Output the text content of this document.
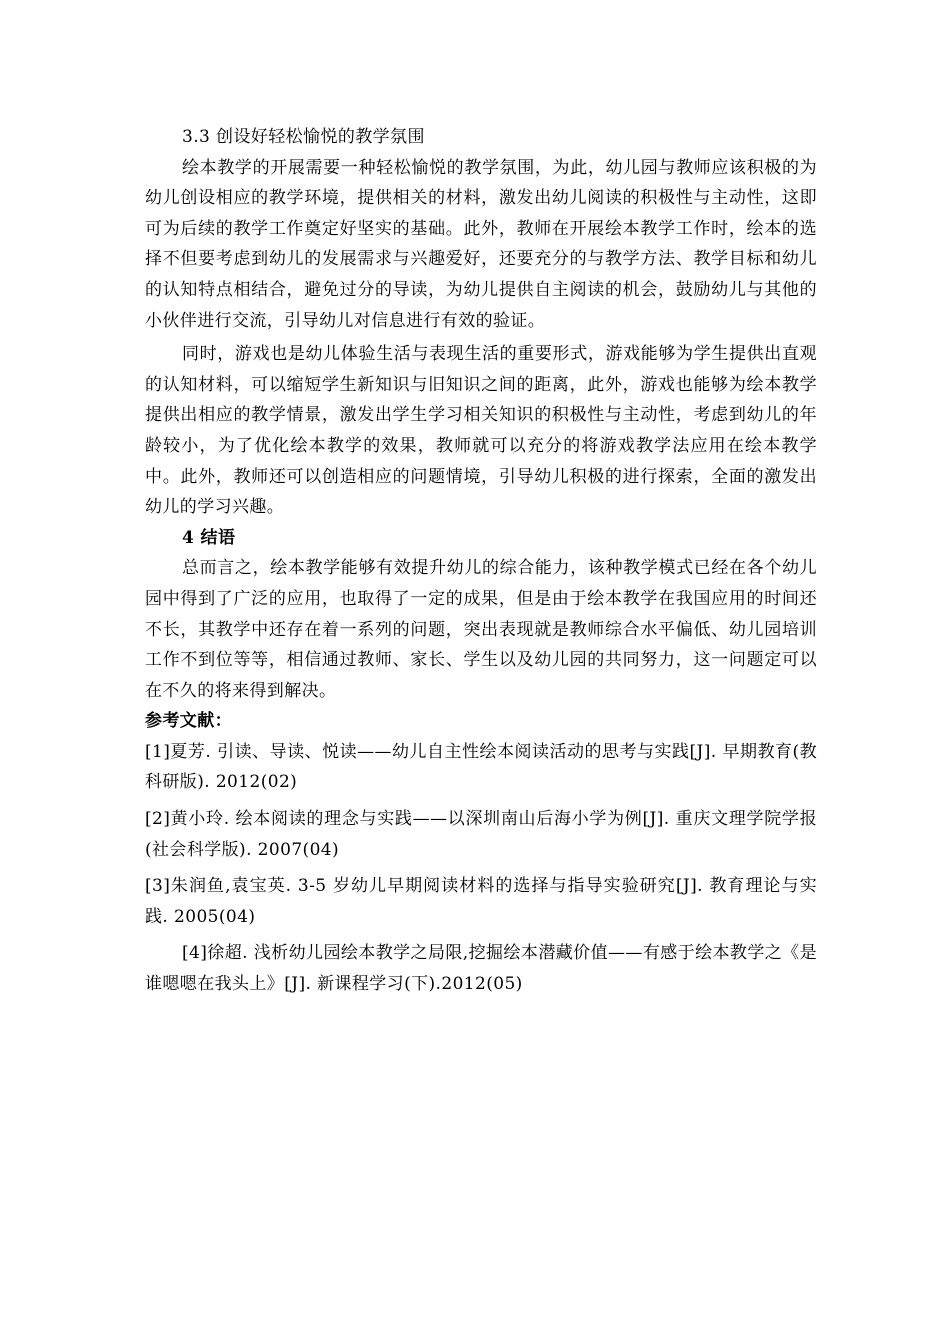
3.3 创设好轻松愉悦的教学氛围

绘本教学的开展需要一种轻松愉悦的教学氛围，为此，幼儿园与教师应该积极的为幼儿创设相应的教学环境，提供相关的材料，激发出幼儿阅读的积极性与主动性，这即可为后续的教学工作奠定好坚实的基础。此外，教师在开展绘本教学工作时，绘本的选择不但要考虑到幼儿的发展需求与兴趣爱好，还要充分的与教学方法、教学目标和幼儿的认知特点相结合，避免过分的导读，为幼儿提供自主阅读的机会，鼓励幼儿与其他的小伙伴进行交流，引导幼儿对信息进行有效的验证。

同时，游戏也是幼儿体验生活与表现生活的重要形式，游戏能够为学生提供出直观的认知材料，可以缩短学生新知识与旧知识之间的距离，此外，游戏也能够为绘本教学提供出相应的教学情景，激发出学生学习相关知识的积极性与主动性，考虑到幼儿的年龄较小，为了优化绘本教学的效果，教师就可以充分的将游戏教学法应用在绘本教学中。此外，教师还可以创造相应的问题情境，引导幼儿积极的进行探索，全面的激发出幼儿的学习兴趣。

4 结语

总而言之，绘本教学能够有效提升幼儿的综合能力，该种教学模式已经在各个幼儿园中得到了广泛的应用，也取得了一定的成果，但是由于绘本教学在我国应用的时间还不长，其教学中还存在着一系列的问题，突出表现就是教师综合水平偏低、幼儿园培训工作不到位等等，相信通过教师、家长、学生以及幼儿园的共同努力，这一问题定可以在不久的将来得到解决。

参考文献：

[1]夏芳. 引读、导读、悦读——幼儿自主性绘本阅读活动的思考与实践[J]. 早期教育(教科研版). 2012(02)

[2]黄小玲. 绘本阅读的理念与实践——以深圳南山后海小学为例[J]. 重庆文理学院学报(社会科学版). 2007(04)

[3]朱润鱼,袁宝英. 3-5 岁幼儿早期阅读材料的选择与指导实验研究[J]. 教育理论与实践. 2005(04)

[4]徐超. 浅析幼儿园绘本教学之局限,挖掘绘本潜藏价值——有感于绘本教学之《是谁嗯嗯在我头上》[J]. 新课程学习(下).2012(05)
